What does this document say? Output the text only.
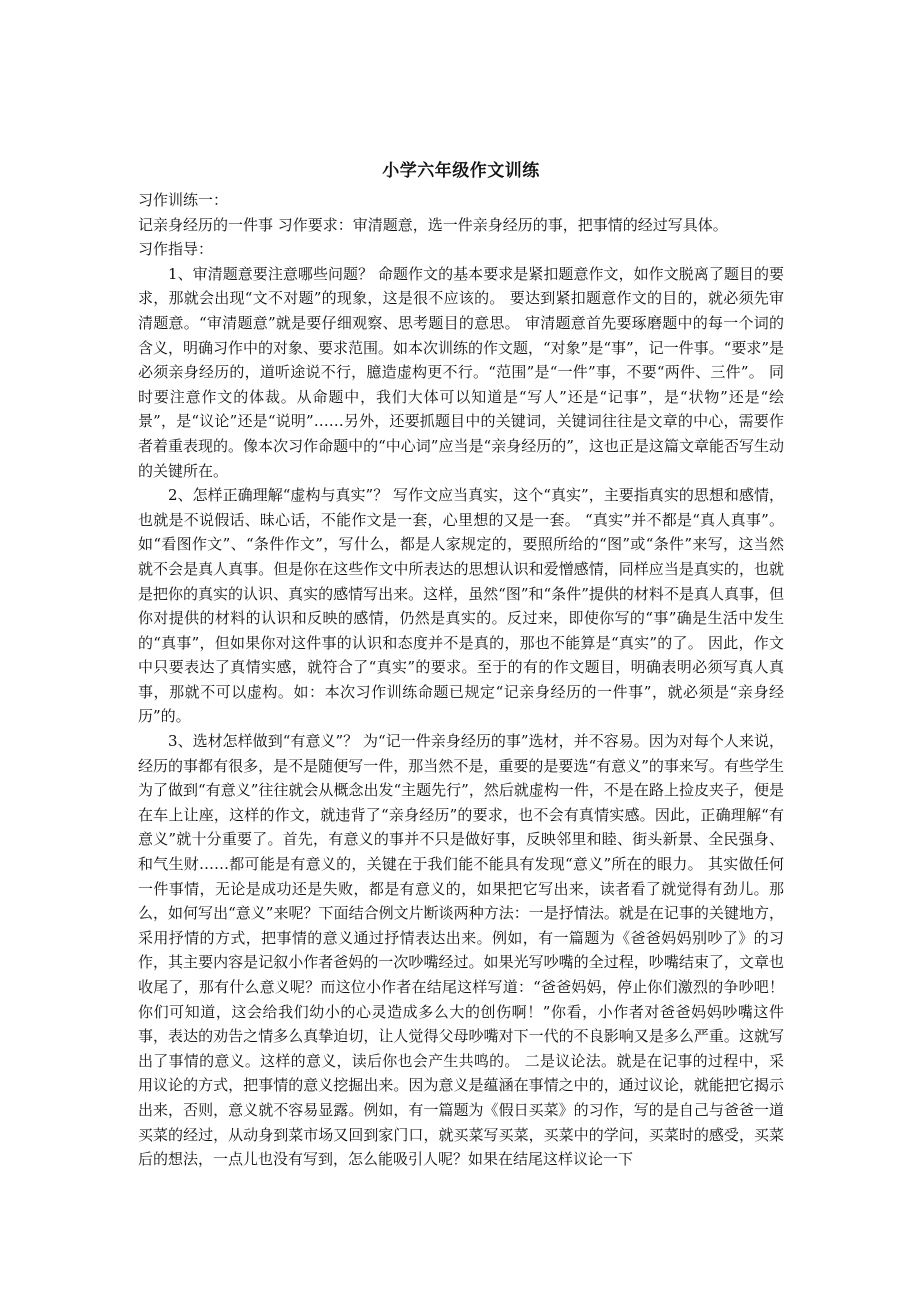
小学六年级作文训练

习作训练一：

记亲身经历的一件事 习作要求：审清题意，选一件亲身经历的事，把事情的经过写具体。

习作指导：

1、审清题意要注意哪些问题？ 命题作文的基本要求是紧扣题意作文，如作文脱离了题目的要求，那就会出现“文不对题”的现象，这是很不应该的。 要达到紧扣题意作文的目的，就必须先审清题意。“审清题意”就是要仔细观察、思考题目的意思。 审清题意首先要琢磨题中的每一个词的含义，明确习作中的对象、要求范围。如本次训练的作文题，“对象”是“事”，记一件事。“要求”是必须亲身经历的，道听途说不行，臆造虚构更不行。“范围”是“一件”事，不要“两件、三件”。 同时要注意作文的体裁。从命题中，我们大体可以知道是“写人”还是“记事”，是“状物”还是“绘景”，是“议论”还是“说明”……另外，还要抓题目中的关键词，关键词往往是文章的中心，需要作者着重表现的。像本次习作命题中的“中心词”应当是“亲身经历的”，这也正是这篇文章能否写生动的关键所在。

2、怎样正确理解“虚构与真实”？ 写作文应当真实，这个“真实”，主要指真实的思想和感情，也就是不说假话、昧心话，不能作文是一套，心里想的又是一套。 “真实”并不都是“真人真事”。如“看图作文”、“条件作文”，写什么，都是人家规定的，要照所给的“图”或“条件”来写，这当然就不会是真人真事。但是你在这些作文中所表达的思想认识和爱憎感情，同样应当是真实的，也就是把你的真实的认识、真实的感情写出来。这样，虽然“图”和“条件”提供的材料不是真人真事，但你对提供的材料的认识和反映的感情，仍然是真实的。反过来，即使你写的“事”确是生活中发生的“真事”，但如果你对这件事的认识和态度并不是真的，那也不能算是“真实”的了。 因此，作文中只要表达了真情实感，就符合了“真实”的要求。至于的有的作文题目，明确表明必须写真人真事，那就不可以虚构。如：本次习作训练命题已规定“记亲身经历的一件事”，就必须是“亲身经历”的。

3、选材怎样做到“有意义”？ 为“记一件亲身经历的事”选材，并不容易。因为对每个人来说，经历的事都有很多，是不是随便写一件，那当然不是，重要的是要选“有意义”的事来写。有些学生为了做到“有意义”往往就会从概念出发“主题先行”，然后就虚构一件，不是在路上捡皮夹子，便是在车上让座，这样的作文，就违背了“亲身经历”的要求，也不会有真情实感。因此，正确理解“有意义”就十分重要了。首先，有意义的事并不只是做好事，反映邻里和睦、街头新景、全民强身、和气生财……都可能是有意义的，关键在于我们能不能具有发现“意义”所在的眼力。 其实做任何一件事情，无论是成功还是失败，都是有意义的，如果把它写出来，读者看了就觉得有劲儿。那么，如何写出“意义”来呢？下面结合例文片断谈两种方法：一是抒情法。就是在记事的关键地方，采用抒情的方式，把事情的意义通过抒情表达出来。例如，有一篇题为《爸爸妈妈别吵了》的习作，其主要内容是记叙小作者爸妈的一次吵嘴经过。如果光写吵嘴的全过程，吵嘴结束了，文章也收尾了，那有什么意义呢？而这位小作者在结尾这样写道：“爸爸妈妈，停止你们激烈的争吵吧！你们可知道，这会给我们幼小的心灵造成多么大的创伤啊！”你看，小作者对爸爸妈妈吵嘴这件事，表达的劝告之情多么真挚迫切，让人觉得父母吵嘴对下一代的不良影响又是多么严重。这就写出了事情的意义。这样的意义，读后你也会产生共鸣的。 二是议论法。就是在记事的过程中，采用议论的方式，把事情的意义挖掘出来。因为意义是蕴涵在事情之中的，通过议论，就能把它揭示出来，否则，意义就不容易显露。例如，有一篇题为《假日买菜》的习作，写的是自己与爸爸一道买菜的经过，从动身到菜市场又回到家门口，就买菜写买菜，买菜中的学问，买菜时的感受，买菜后的想法，一点儿也没有写到，怎么能吸引人呢？如果在结尾这样议论一下
